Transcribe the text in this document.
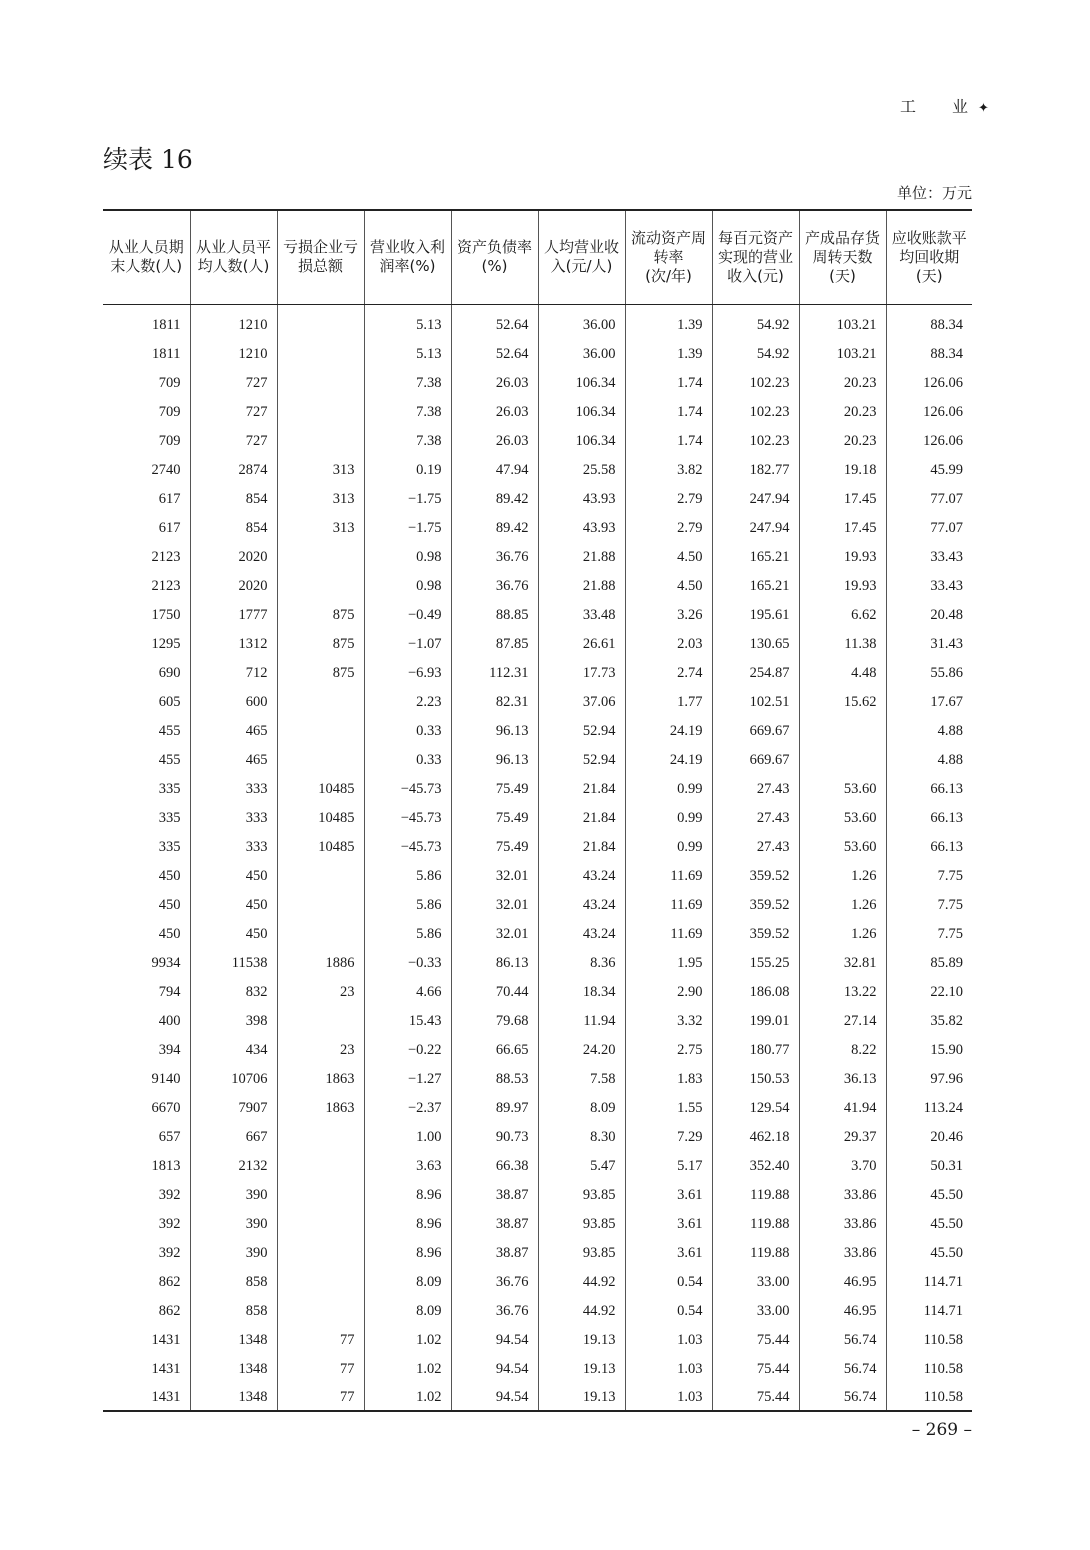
工　业✦
续表 16
单位：万元
从业人员期
末人数(人)	从业人员平
均人数(人)	亏损企业亏
损总额	营业收入利
润率(%)	资产负债率
(%)	人均营业收
入(元/人)	流动资产周
转率
(次/年)	每百元资产
实现的营业
收入(元)	产成品存货
周转天数
(天)	应收账款平
均回收期
(天)
1811	1210		5.13	52.64	36.00	1.39	54.92	103.21	88.34
1811	1210		5.13	52.64	36.00	1.39	54.92	103.21	88.34
709	727		7.38	26.03	106.34	1.74	102.23	20.23	126.06
709	727		7.38	26.03	106.34	1.74	102.23	20.23	126.06
709	727		7.38	26.03	106.34	1.74	102.23	20.23	126.06
2740	2874	313	0.19	47.94	25.58	3.82	182.77	19.18	45.99
617	854	313	−1.75	89.42	43.93	2.79	247.94	17.45	77.07
617	854	313	−1.75	89.42	43.93	2.79	247.94	17.45	77.07
2123	2020		0.98	36.76	21.88	4.50	165.21	19.93	33.43
2123	2020		0.98	36.76	21.88	4.50	165.21	19.93	33.43
1750	1777	875	−0.49	88.85	33.48	3.26	195.61	6.62	20.48
1295	1312	875	−1.07	87.85	26.61	2.03	130.65	11.38	31.43
690	712	875	−6.93	112.31	17.73	2.74	254.87	4.48	55.86
605	600		2.23	82.31	37.06	1.77	102.51	15.62	17.67
455	465		0.33	96.13	52.94	24.19	669.67		4.88
455	465		0.33	96.13	52.94	24.19	669.67		4.88
335	333	10485	−45.73	75.49	21.84	0.99	27.43	53.60	66.13
335	333	10485	−45.73	75.49	21.84	0.99	27.43	53.60	66.13
335	333	10485	−45.73	75.49	21.84	0.99	27.43	53.60	66.13
450	450		5.86	32.01	43.24	11.69	359.52	1.26	7.75
450	450		5.86	32.01	43.24	11.69	359.52	1.26	7.75
450	450		5.86	32.01	43.24	11.69	359.52	1.26	7.75
9934	11538	1886	−0.33	86.13	8.36	1.95	155.25	32.81	85.89
794	832	23	4.66	70.44	18.34	2.90	186.08	13.22	22.10
400	398		15.43	79.68	11.94	3.32	199.01	27.14	35.82
394	434	23	−0.22	66.65	24.20	2.75	180.77	8.22	15.90
9140	10706	1863	−1.27	88.53	7.58	1.83	150.53	36.13	97.96
6670	7907	1863	−2.37	89.97	8.09	1.55	129.54	41.94	113.24
657	667		1.00	90.73	8.30	7.29	462.18	29.37	20.46
1813	2132		3.63	66.38	5.47	5.17	352.40	3.70	50.31
392	390		8.96	38.87	93.85	3.61	119.88	33.86	45.50
392	390		8.96	38.87	93.85	3.61	119.88	33.86	45.50
392	390		8.96	38.87	93.85	3.61	119.88	33.86	45.50
862	858		8.09	36.76	44.92	0.54	33.00	46.95	114.71
862	858		8.09	36.76	44.92	0.54	33.00	46.95	114.71
1431	1348	77	1.02	94.54	19.13	1.03	75.44	56.74	110.58
1431	1348	77	1.02	94.54	19.13	1.03	75.44	56.74	110.58
1431	1348	77	1.02	94.54	19.13	1.03	75.44	56.74	110.58
– 269 –
